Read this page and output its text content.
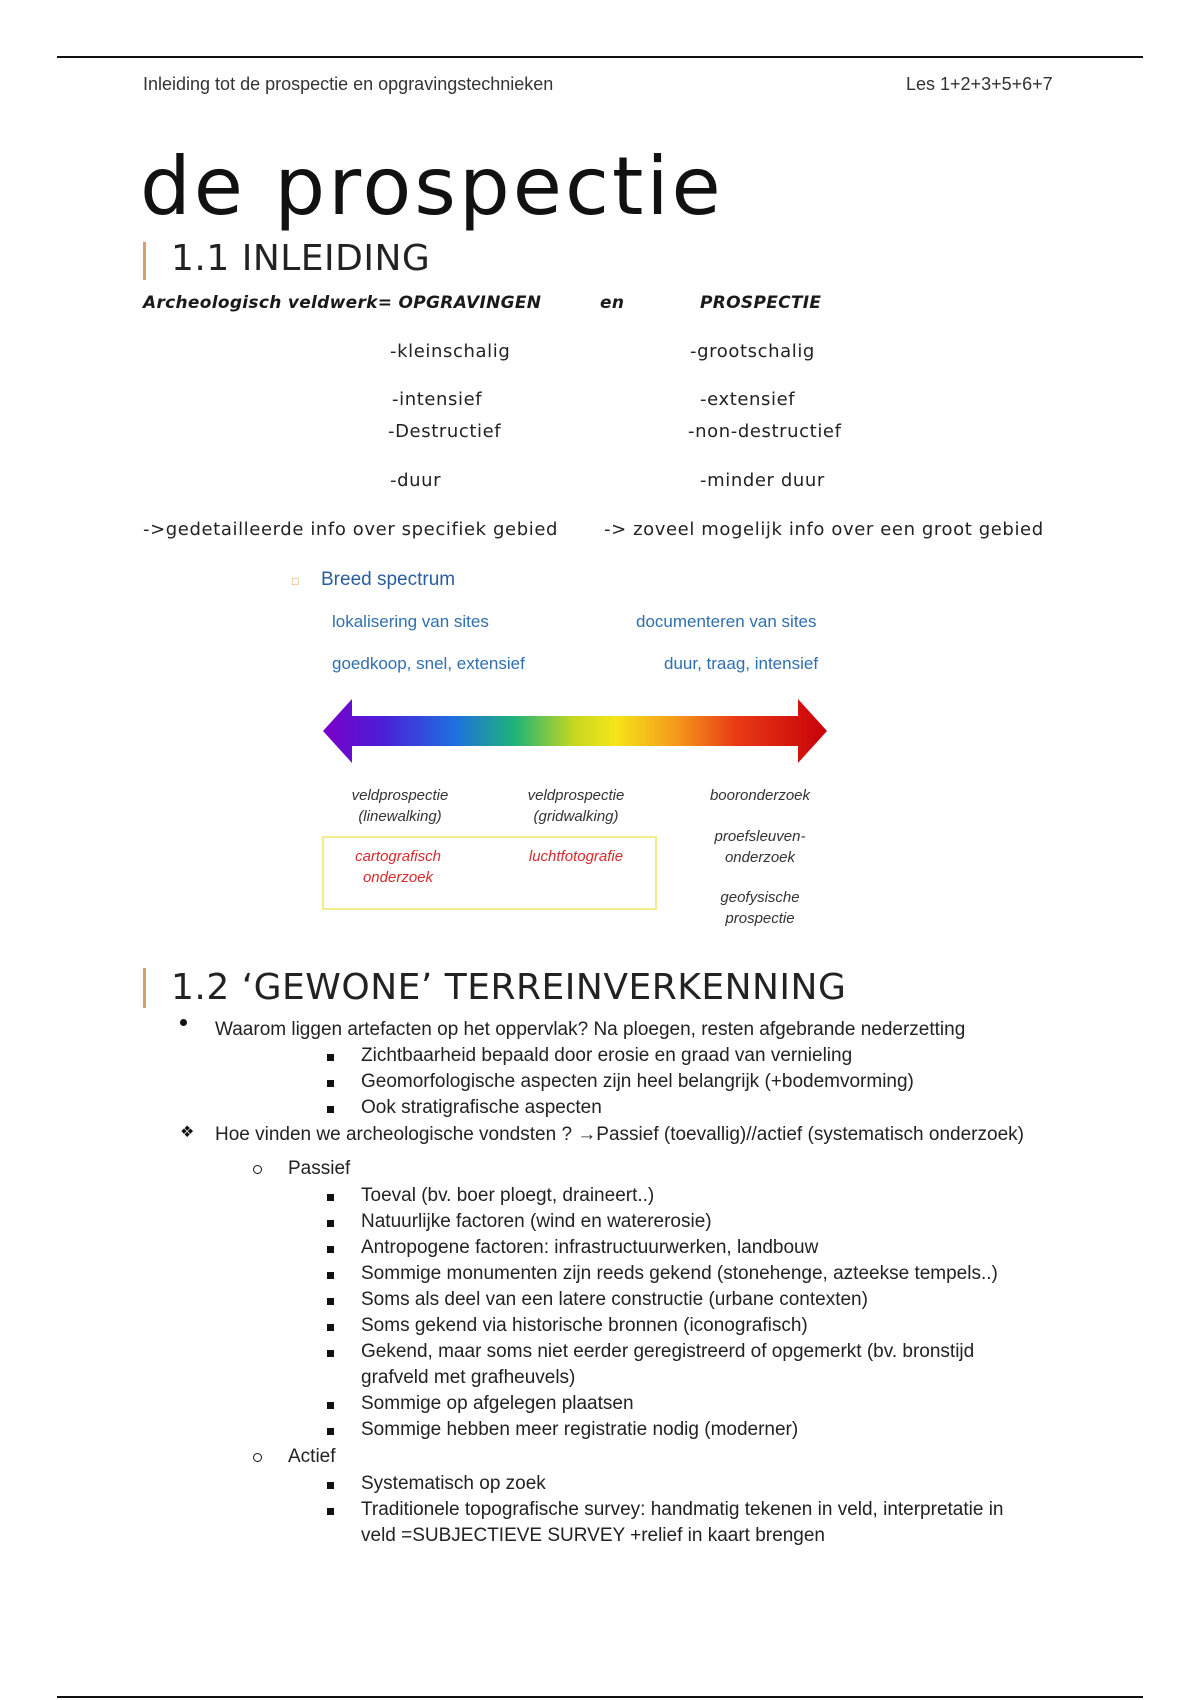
Inleiding tot de prospectie en opgravingstechnieken	Les 1+2+3+5+6+7
de prospectie
1.1 INLEIDING
Archeologisch veldwerk= OPGRAVINGEN	en	PROSPECTIE
-kleinschalig	-grootschalig
-intensief	-extensief
-Destructief	-non-destructief
-duur	-minder duur
->gedetailleerde info over specifiek gebied	-> zoveel mogelijk info over een groot gebied
□ Breed spectrum
lokalisering van sites	documenteren van sites
goedkoop, snel, extensief	duur, traag, intensief
veldprospectie (linewalking)
veldprospectie (gridwalking)
booronderzoek
cartografisch onderzoek
luchtfotografie
proefsleuven-onderzoek
geofysische prospectie
1.2 ‘GEWONE’ TERREINVERKENNING
Waarom liggen artefacten op het oppervlak? Na ploegen, resten afgebrande nederzetting
Zichtbaarheid bepaald door erosie en graad van vernieling
Geomorfologische aspecten zijn heel belangrijk (+bodemvorming)
Ook stratigrafische aspecten
❖ Hoe vinden we archeologische vondsten ? →Passief (toevallig)//actief (systematisch onderzoek)
Passief
Toeval (bv. boer ploegt, draineert..)
Natuurlijke factoren (wind en watererosie)
Antropogene factoren: infrastructuurwerken, landbouw
Sommige monumenten zijn reeds gekend (stonehenge, azteekse tempels..)
Soms als deel van een latere constructie (urbane contexten)
Soms gekend via historische bronnen (iconografisch)
Gekend, maar soms niet eerder geregistreerd of opgemerkt (bv. bronstijd
grafveld met grafheuvels)
Sommige op afgelegen plaatsen
Sommige hebben meer registratie nodig (moderner)
Actief
Systematisch op zoek
Traditionele topografische survey: handmatig tekenen in veld, interpretatie in
veld =SUBJECTIEVE SURVEY +relief in kaart brengen
